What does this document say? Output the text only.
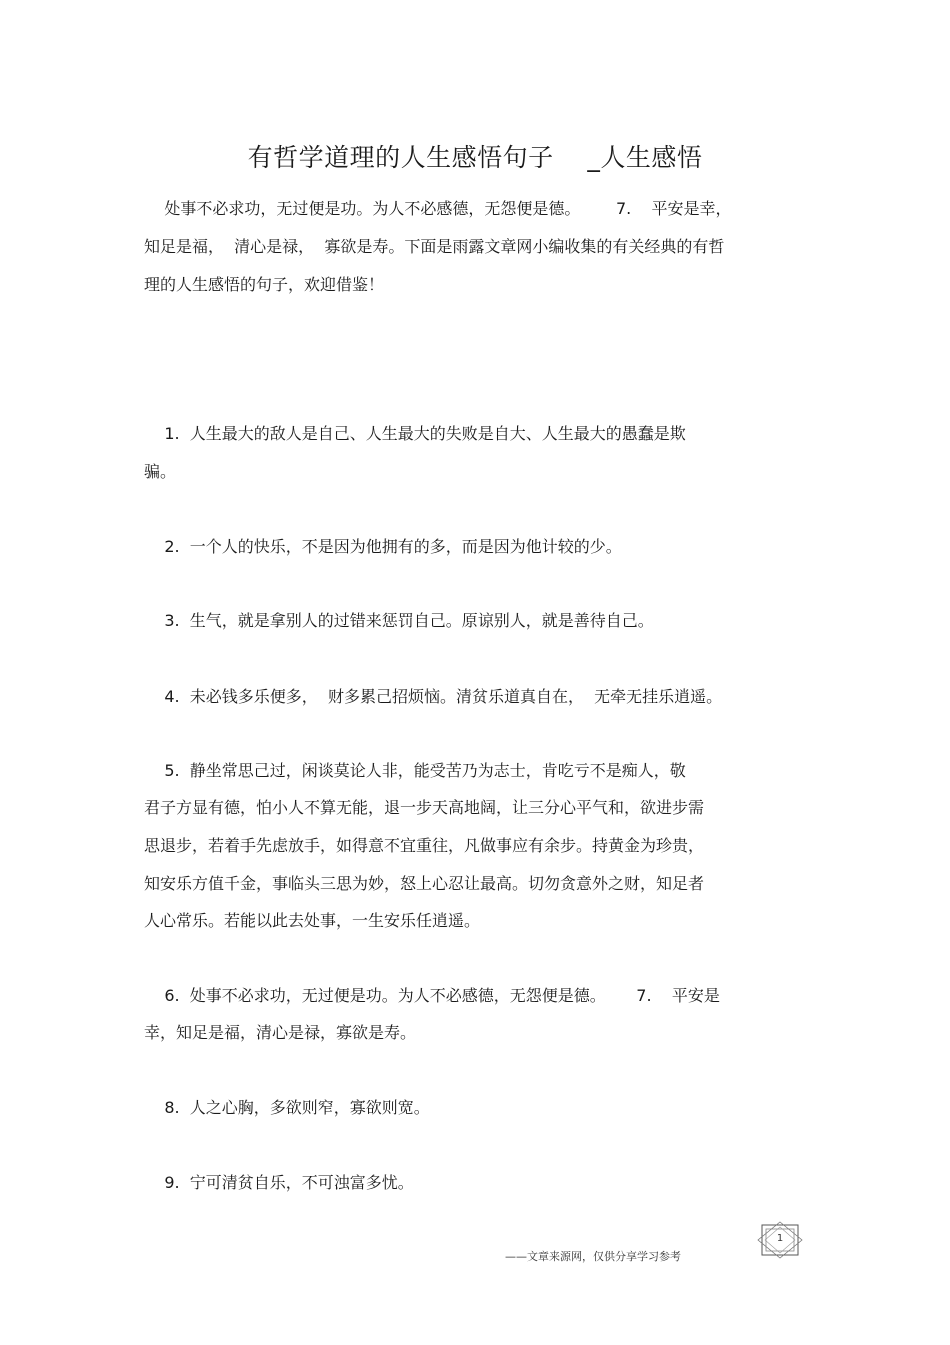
有哲学道理的人生感悟句子    _人生感悟

处事不必求功，无过便是功。为人不必感德，无怨便是德。       7.    平安是幸，

知足是福，  清心是禄，  寡欲是寿。下面是雨露文章网小编收集的有关经典的有哲

理的人生感悟的句子，欢迎借鉴！

1.  人生最大的敌人是自己、人生最大的失败是自大、人生最大的愚蠢是欺

骗。

2.  一个人的快乐，不是因为他拥有的多，而是因为他计较的少。

3.  生气，就是拿别人的过错来惩罚自己。原谅别人，就是善待自己。

4.  未必钱多乐便多，  财多累己招烦恼。清贫乐道真自在，  无牵无挂乐逍遥。

5.  静坐常思己过，闲谈莫论人非，能受苦乃为志士，肯吃亏不是痴人，敬

君子方显有德，怕小人不算无能，退一步天高地阔，让三分心平气和，欲进步需

思退步，若着手先虑放手，如得意不宜重往，凡做事应有余步。持黄金为珍贵，

知安乐方值千金，事临头三思为妙，怒上心忍让最高。切勿贪意外之财，知足者

人心常乐。若能以此去处事，一生安乐任逍遥。

6.  处事不必求功，无过便是功。为人不必感德，无怨便是德。      7.    平安是

幸，知足是福，清心是禄，寡欲是寿。

8.  人之心胸，多欲则窄，寡欲则宽。

9.  宁可清贫自乐，不可浊富多忧。

——文章来源网，仅供分享学习参考
1
